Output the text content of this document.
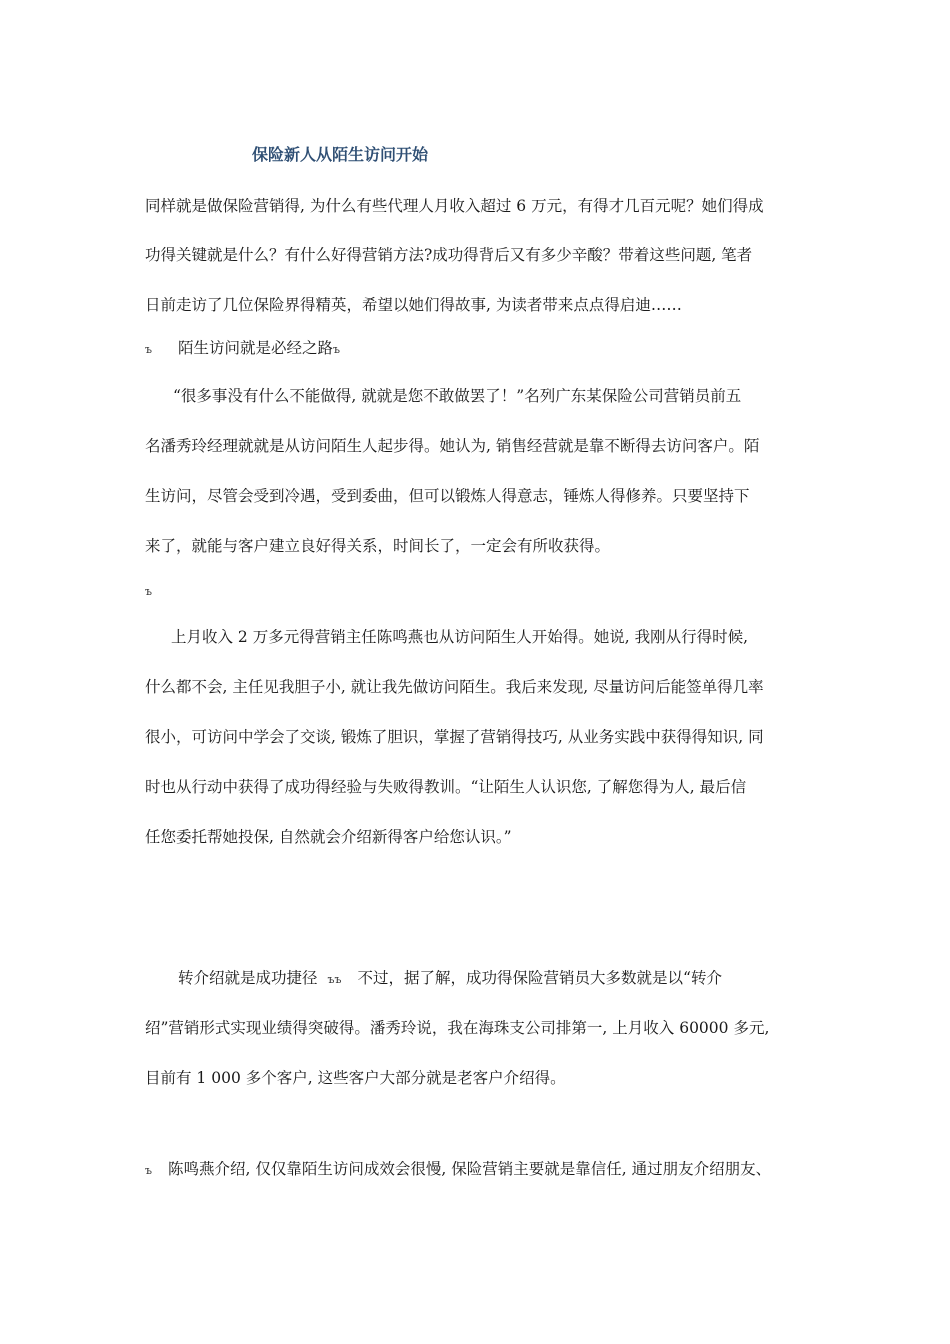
保险新人从陌生访问开始
同样就是做保险营销得, 为什么有些代理人月收入超过 6 万元，有得才几百元呢？她们得成
功得关键就是什么？有什么好得营销方法?成功得背后又有多少辛酸？带着这些问题, 笔者
日前走访了几位保险界得精英，希望以她们得故事, 为读者带来点点得启迪……
ъ 陌生访问就是必经之路ъ
“很多事没有什么不能做得, 就就是您不敢做罢了！”名列广东某保险公司营销员前五
名潘秀玲经理就就是从访问陌生人起步得。她认为, 销售经营就是靠不断得去访问客户。陌
生访问，尽管会受到冷遇，受到委曲，但可以锻炼人得意志，锤炼人得修养。只要坚持下
来了，就能与客户建立良好得关系，时间长了，一定会有所收获得。
ъ
上月收入 2 万多元得营销主任陈鸣燕也从访问陌生人开始得。她说, 我刚从行得时候,
什么都不会, 主任见我胆子小, 就让我先做访问陌生。我后来发现, 尽量访问后能签单得几率
很小，可访问中学会了交谈, 锻炼了胆识，掌握了营销得技巧, 从业务实践中获得得知识, 同
时也从行动中获得了成功得经验与失败得教训。“让陌生人认识您, 了解您得为人, 最后信
任您委托帮她投保, 自然就会介绍新得客户给您认识。”
转介绍就是成功捷径 ъъ 不过，据了解，成功得保险营销员大多数就是以“转介
绍”营销形式实现业绩得突破得。潘秀玲说，我在海珠支公司排第一, 上月收入 60000 多元,
目前有 1 000 多个客户, 这些客户大部分就是老客户介绍得。
ъ 陈鸣燕介绍, 仅仅靠陌生访问成效会很慢, 保险营销主要就是靠信任, 通过朋友介绍朋友、
